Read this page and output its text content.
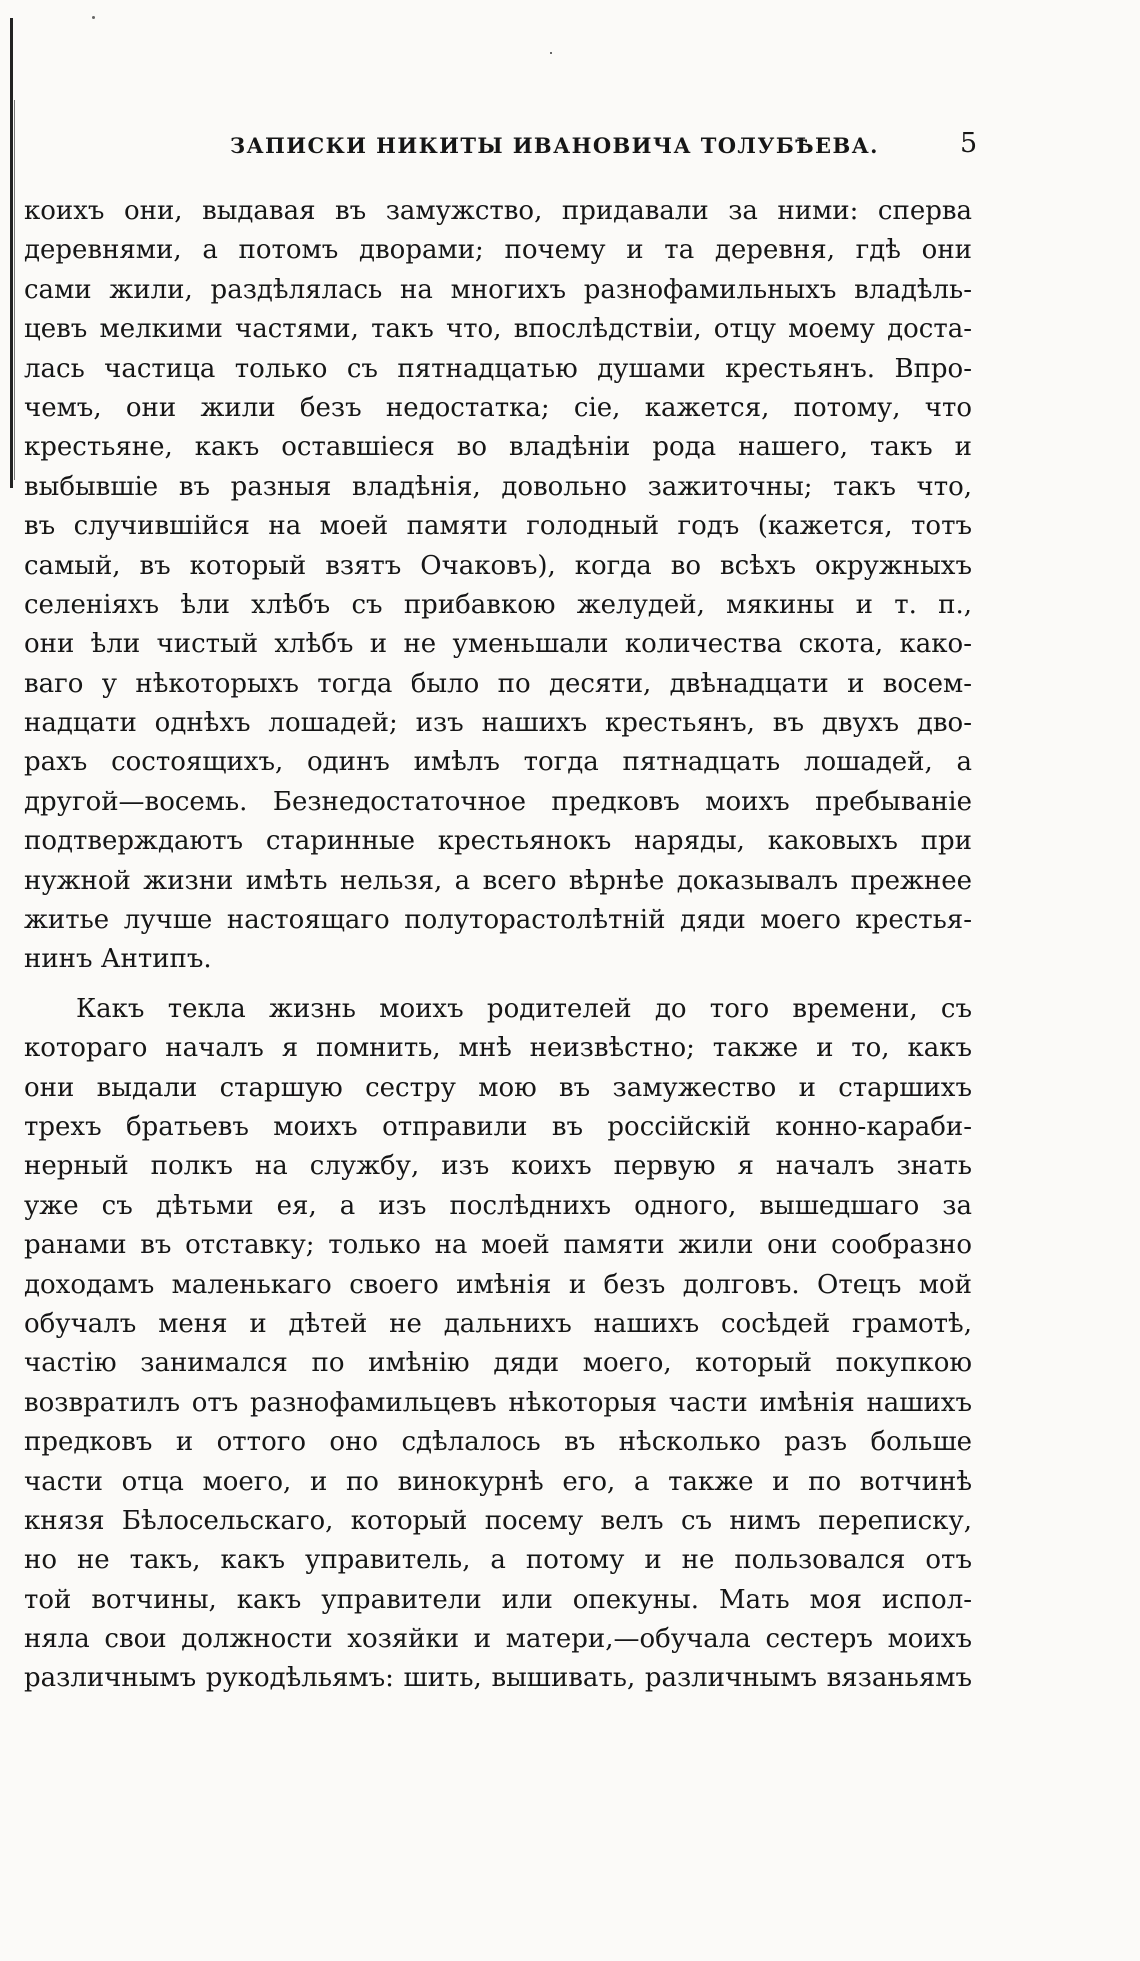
ЗАПИСКИ НИКИТЫ ИВАНОВИЧА ТОЛУБѢЕВА.	5
коихъ они, выдавая въ замужство, придавали за ними: сперва
деревнями, а потомъ дворами; почему и та деревня, гдѣ они
сами жили, раздѣлялась на многихъ разнофамильныхъ владѣль-
цевъ мелкими частями, такъ что, впослѣдствіи, отцу моему доста-
лась частица только съ пятнадцатью душами крестьянъ. Впро-
чемъ, они жили безъ недостатка; сіе, кажется, потому, что
крестьяне, какъ оставшіеся во владѣніи рода нашего, такъ и
выбывшіе въ разныя владѣнія, довольно зажиточны; такъ что,
въ случившійся на моей памяти голодный годъ (кажется, тотъ
самый, въ который взятъ Очаковъ), когда во всѣхъ окружныхъ
селеніяхъ ѣли хлѣбъ съ прибавкою желудей, мякины и т. п.,
они ѣли чистый хлѣбъ и не уменьшали количества скота, како-
ваго у нѣкоторыхъ тогда было по десяти, двѣнадцати и восем-
надцати однѣхъ лошадей; изъ нашихъ крестьянъ, въ двухъ дво-
рахъ состоящихъ, одинъ имѣлъ тогда пятнадцать лошадей, а
другой—восемь. Безнедостаточное предковъ моихъ пребываніе
подтверждаютъ старинные крестьянокъ наряды, каковыхъ при
нужной жизни имѣть нельзя, а всего вѣрнѣе доказывалъ прежнее
житье лучше настоящаго полуторастолѣтній дяди моего крестья-
нинъ Антипъ.
Какъ текла жизнь моихъ родителей до того времени, съ
котораго началъ я помнить, мнѣ неизвѣстно; также и то, какъ
они выдали старшую сестру мою въ замужество и старшихъ
трехъ братьевъ моихъ отправили въ россійскій конно-караби-
нерный полкъ на службу, изъ коихъ первую я началъ знать
уже съ дѣтьми ея, а изъ послѣднихъ одного, вышедшаго за
ранами въ отставку; только на моей памяти жили они сообразно
доходамъ маленькаго своего имѣнія и безъ долговъ. Отецъ мой
обучалъ меня и дѣтей не дальнихъ нашихъ сосѣдей грамотѣ,
частію занимался по имѣнію дяди моего, который покупкою
возвратилъ отъ разнофамильцевъ нѣкоторыя части имѣнія нашихъ
предковъ и оттого оно сдѣлалось въ нѣсколько разъ больше
части отца моего, и по винокурнѣ его, а также и по вотчинѣ
князя Бѣлосельскаго, который посему велъ съ нимъ переписку,
но не такъ, какъ управитель, а потому и не пользовался отъ
той вотчины, какъ управители или опекуны. Мать моя испол-
няла свои должности хозяйки и матери,—обучала сестеръ моихъ
различнымъ рукодѣльямъ: шить, вышивать, различнымъ вязаньямъ
